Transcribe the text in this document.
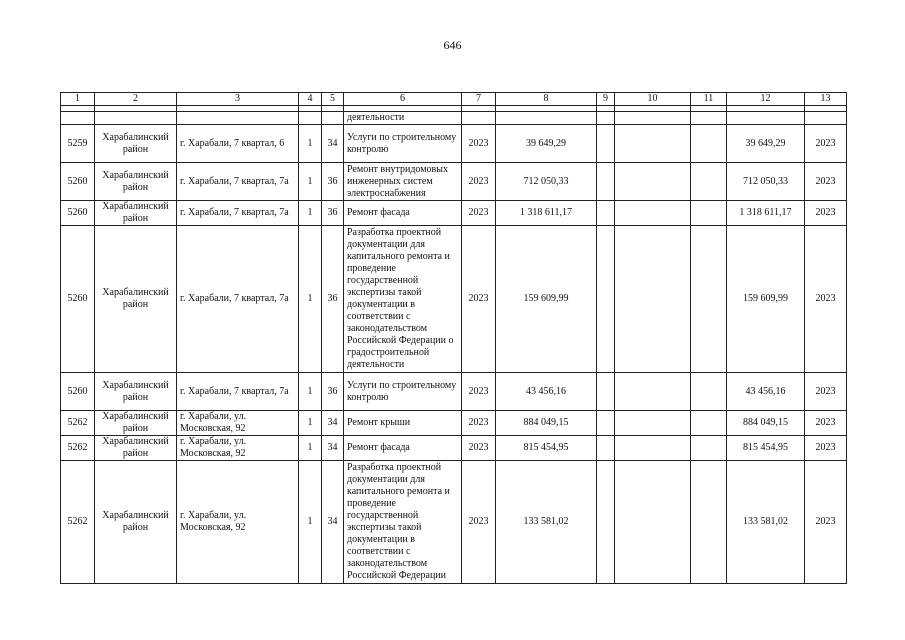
646
1	2	3	4	5	6	7	8	9	10	11	12	13

					деятельности							
5259	Харабалинский район	г. Харабали, 7 квартал, 6	1	34	Услуги по строительному контролю	2023	39 649,29				39 649,29	2023
5260	Харабалинский район	г. Харабали, 7 квартал, 7а	1	36	Ремонт внутридомовых инженерных систем электроснабжения	2023	712 050,33				712 050,33	2023
5260	Харабалинский район	г. Харабали, 7 квартал, 7а	1	36	Ремонт фасада	2023	1 318 611,17				1 318 611,17	2023
5260	Харабалинский район	г. Харабали, 7 квартал, 7а	1	36	Разработка проектной документации для капитального ремонта и проведение государственной экспертизы такой документации в соответствии с законодательством Российской Федерации о градостроительной деятельности	2023	159 609,99				159 609,99	2023
5260	Харабалинский район	г. Харабали, 7 квартал, 7а	1	36	Услуги по строительному контролю	2023	43 456,16				43 456,16	2023
5262	Харабалинский район	г. Харабали, ул. Московская, 92	1	34	Ремонт крыши	2023	884 049,15				884 049,15	2023
5262	Харабалинский район	г. Харабали, ул. Московская, 92	1	34	Ремонт фасада	2023	815 454,95				815 454,95	2023
5262	Харабалинский район	г. Харабали, ул. Московская, 92	1	34	Разработка проектной документации для капитального ремонта и проведение государственной экспертизы такой документации в соответствии с законодательством Российской Федерации	2023	133 581,02				133 581,02	2023
